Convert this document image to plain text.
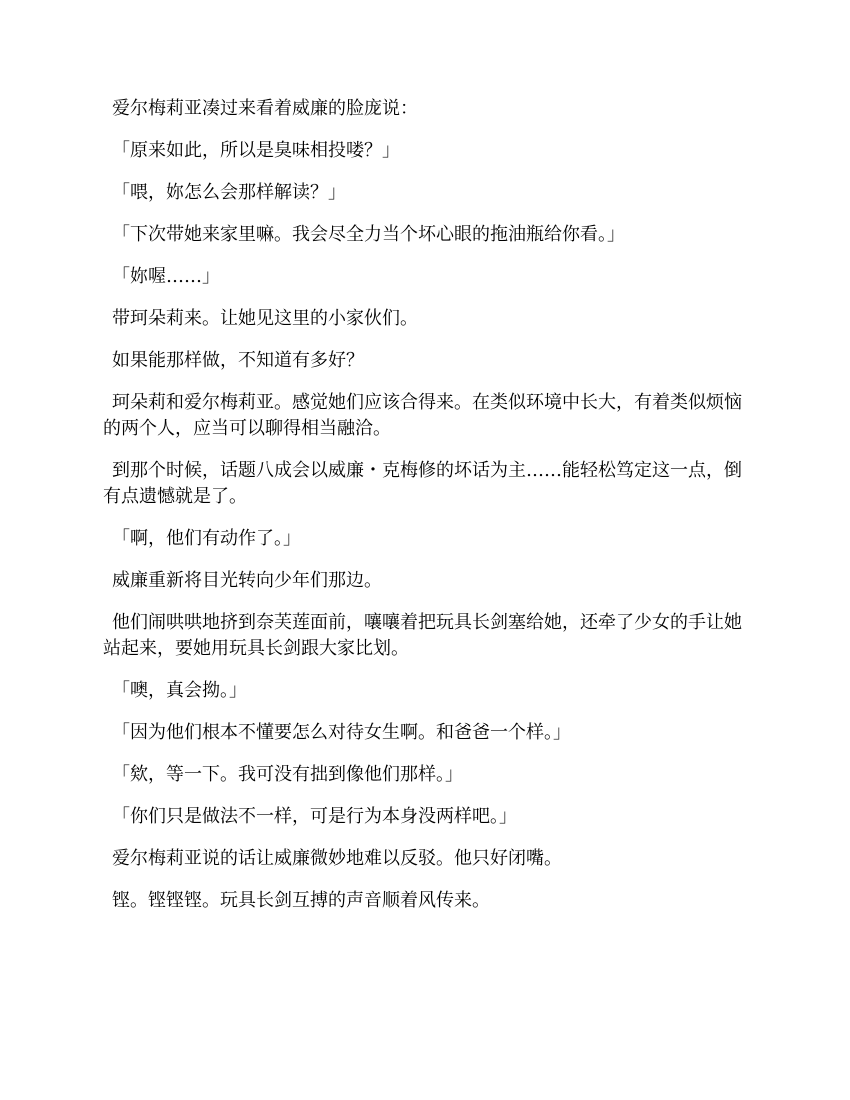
爱尔梅莉亚凑过来看着威廉的脸庞说：

「原来如此，所以是臭味相投喽？」

「喂，妳怎么会那样解读？」

「下次带她来家里嘛。我会尽全力当个坏心眼的拖油瓶给你看。」

「妳喔……」

带珂朵莉来。让她见这里的小家伙们。

如果能那样做，不知道有多好？

珂朵莉和爱尔梅莉亚。感觉她们应该合得来。在类似环境中长大，有着类似烦恼的两个人，应当可以聊得相当融洽。

到那个时候，话题八成会以威廉・克梅修的坏话为主……能轻松笃定这一点，倒有点遗憾就是了。

「啊，他们有动作了。」

威廉重新将目光转向少年们那边。

他们闹哄哄地挤到奈芙莲面前，嚷嚷着把玩具长剑塞给她，还牵了少女的手让她站起来，要她用玩具长剑跟大家比划。

「噢，真会拗。」

「因为他们根本不懂要怎么对待女生啊。和爸爸一个样。」

「欸，等一下。我可没有拙到像他们那样。」

「你们只是做法不一样，可是行为本身没两样吧。」

爱尔梅莉亚说的话让威廉微妙地难以反驳。他只好闭嘴。

铿。铿铿铿。玩具长剑互搏的声音顺着风传来。
